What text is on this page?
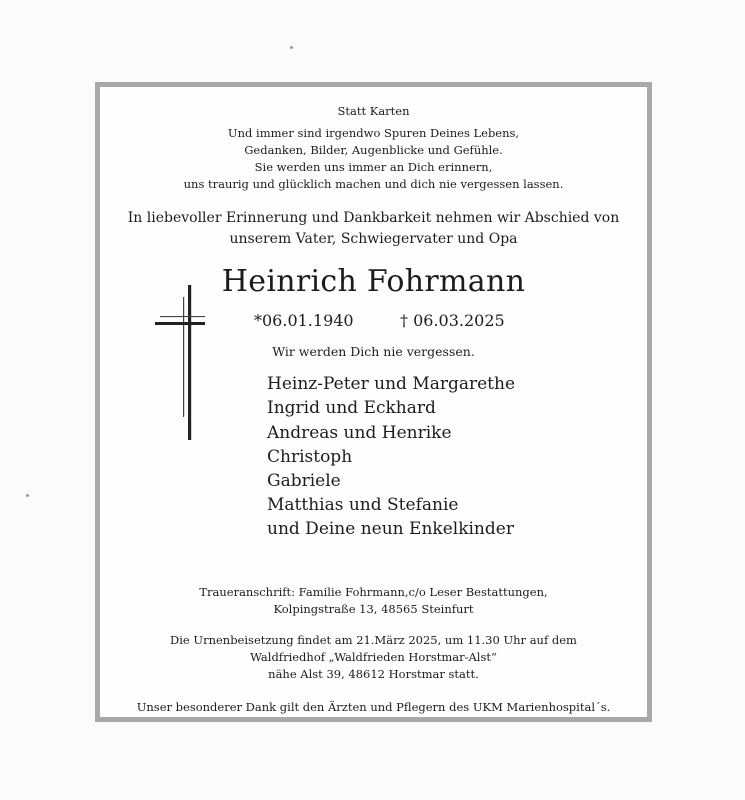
Statt Karten
Und immer sind irgendwo Spuren Deines Lebens,
Gedanken, Bilder, Augenblicke und Gefühle.
Sie werden uns immer an Dich erinnern,
uns traurig und glücklich machen und dich nie vergessen lassen.
In liebevoller Erinnerung und Dankbarkeit nehmen wir Abschied von
unserem Vater, Schwiegervater und Opa
Heinrich Fohrmann
*06.01.1940	† 06.03.2025
Wir werden Dich nie vergessen.
Heinz-Peter und Margarethe
Ingrid und Eckhard
Andreas und Henrike
Christoph
Gabriele
Matthias und Stefanie
und Deine neun Enkelkinder
Traueranschrift: Familie Fohrmann,c/o Leser Bestattungen,
Kolpingstraße 13, 48565 Steinfurt
Die Urnenbeisetzung findet am 21.März 2025, um 11.30 Uhr auf dem
Waldfriedhof „Waldfrieden Horstmar-Alst“
nähe Alst 39, 48612 Horstmar statt.
Unser besonderer Dank gilt den Ärzten und Pflegern des UKM Marienhospital´s.
